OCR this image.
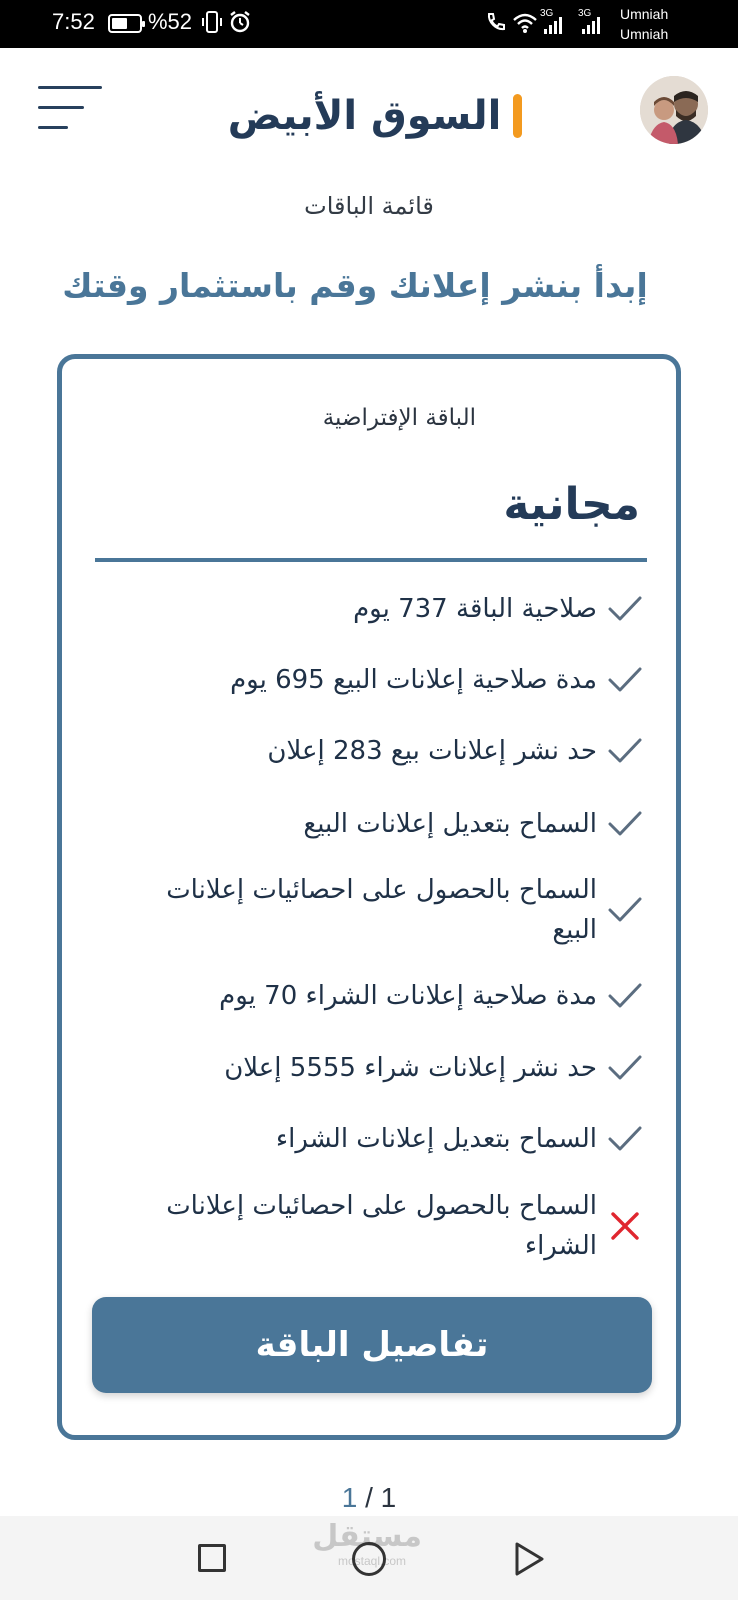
7:52 %52	3G 3G Umniah
Umniah
السوق الأبيض
قائمة الباقات
إبدأ بنشر إعلانك وقم باستثمار وقتك
الباقة الإفتراضية
مجانية
صلاحية الباقة 737 يوم
مدة صلاحية إعلانات البيع 695 يوم
حد نشر إعلانات بيع 283 إعلان
السماح بتعديل إعلانات البيع
السماح بالحصول على احصائيات إعلانات البيع
مدة صلاحية إعلانات الشراء 70 يوم
حد نشر إعلانات شراء 5555 إعلان
السماح بتعديل إعلانات الشراء
السماح بالحصول على احصائيات إعلانات الشراء
تفاصيل الباقة
1 / 1
مستقل
mostaql.com
